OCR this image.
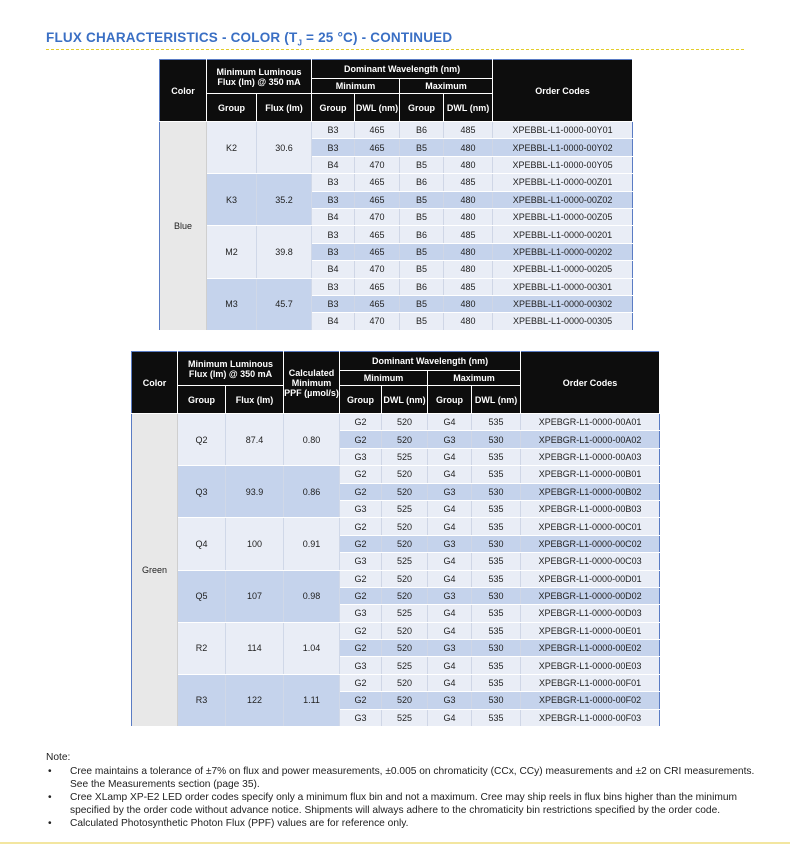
FLUX CHARACTERISTICS - COLOR ($T_J = 25$ °C) - CONTINUED
Color	Minimum Luminous Flux (lm) @ 350 mA		Dominant Wavelength (nm)				Order Codes
			Minimum		Maximum		
	Group	Flux (lm)	Group	DWL (nm)	Group	DWL (nm)	
Blue	K2	30.6	B3	465	B6	485	XPEBBL-L1-0000-00Y01
			B3	465	B5	480	XPEBBL-L1-0000-00Y02
			B4	470	B5	480	XPEBBL-L1-0000-00Y05
	K3	35.2	B3	465	B6	485	XPEBBL-L1-0000-00Z01
			B3	465	B5	480	XPEBBL-L1-0000-00Z02
			B4	470	B5	480	XPEBBL-L1-0000-00Z05
	M2	39.8	B3	465	B6	485	XPEBBL-L1-0000-00201
			B3	465	B5	480	XPEBBL-L1-0000-00202
			B4	470	B5	480	XPEBBL-L1-0000-00205
	M3	45.7	B3	465	B6	485	XPEBBL-L1-0000-00301
			B3	465	B5	480	XPEBBL-L1-0000-00302
			B4	470	B5	480	XPEBBL-L1-0000-00305
Color	Minimum Luminous Flux (lm) @ 350 mA		Calculated Minimum PPF (µmol/s)	Dominant Wavelength (nm)				Order Codes
				Minimum		Maximum		
	Group	Flux (lm)		Group	DWL (nm)	Group	DWL (nm)	
Green	Q2	87.4	0.80	G2	520	G4	535	XPEBGR-L1-0000-00A01
				G2	520	G3	530	XPEBGR-L1-0000-00A02
				G3	525	G4	535	XPEBGR-L1-0000-00A03
	Q3	93.9	0.86	G2	520	G4	535	XPEBGR-L1-0000-00B01
				G2	520	G3	530	XPEBGR-L1-0000-00B02
				G3	525	G4	535	XPEBGR-L1-0000-00B03
	Q4	100	0.91	G2	520	G4	535	XPEBGR-L1-0000-00C01
				G2	520	G3	530	XPEBGR-L1-0000-00C02
				G3	525	G4	535	XPEBGR-L1-0000-00C03
	Q5	107	0.98	G2	520	G4	535	XPEBGR-L1-0000-00D01
				G2	520	G3	530	XPEBGR-L1-0000-00D02
				G3	525	G4	535	XPEBGR-L1-0000-00D03
	R2	114	1.04	G2	520	G4	535	XPEBGR-L1-0000-00E01
				G2	520	G3	530	XPEBGR-L1-0000-00E02
				G3	525	G4	535	XPEBGR-L1-0000-00E03
	R3	122	1.11	G2	520	G4	535	XPEBGR-L1-0000-00F01
				G2	520	G3	530	XPEBGR-L1-0000-00F02
				G3	525	G4	535	XPEBGR-L1-0000-00F03
Note:
• Cree maintains a tolerance of ±7% on flux and power measurements, ±0.005 on chromaticity (CCx, CCy) measurements and ±2 on CRI measurements. See the Measurements section (page 35).
• Cree XLamp XP-E2 LED order codes specify only a minimum flux bin and not a maximum. Cree may ship reels in flux bins higher than the minimum specified by the order code without advance notice. Shipments will always adhere to the chromaticity bin restrictions specified by the order code.
• Calculated Photosynthetic Photon Flux (PPF) values are for reference only.
